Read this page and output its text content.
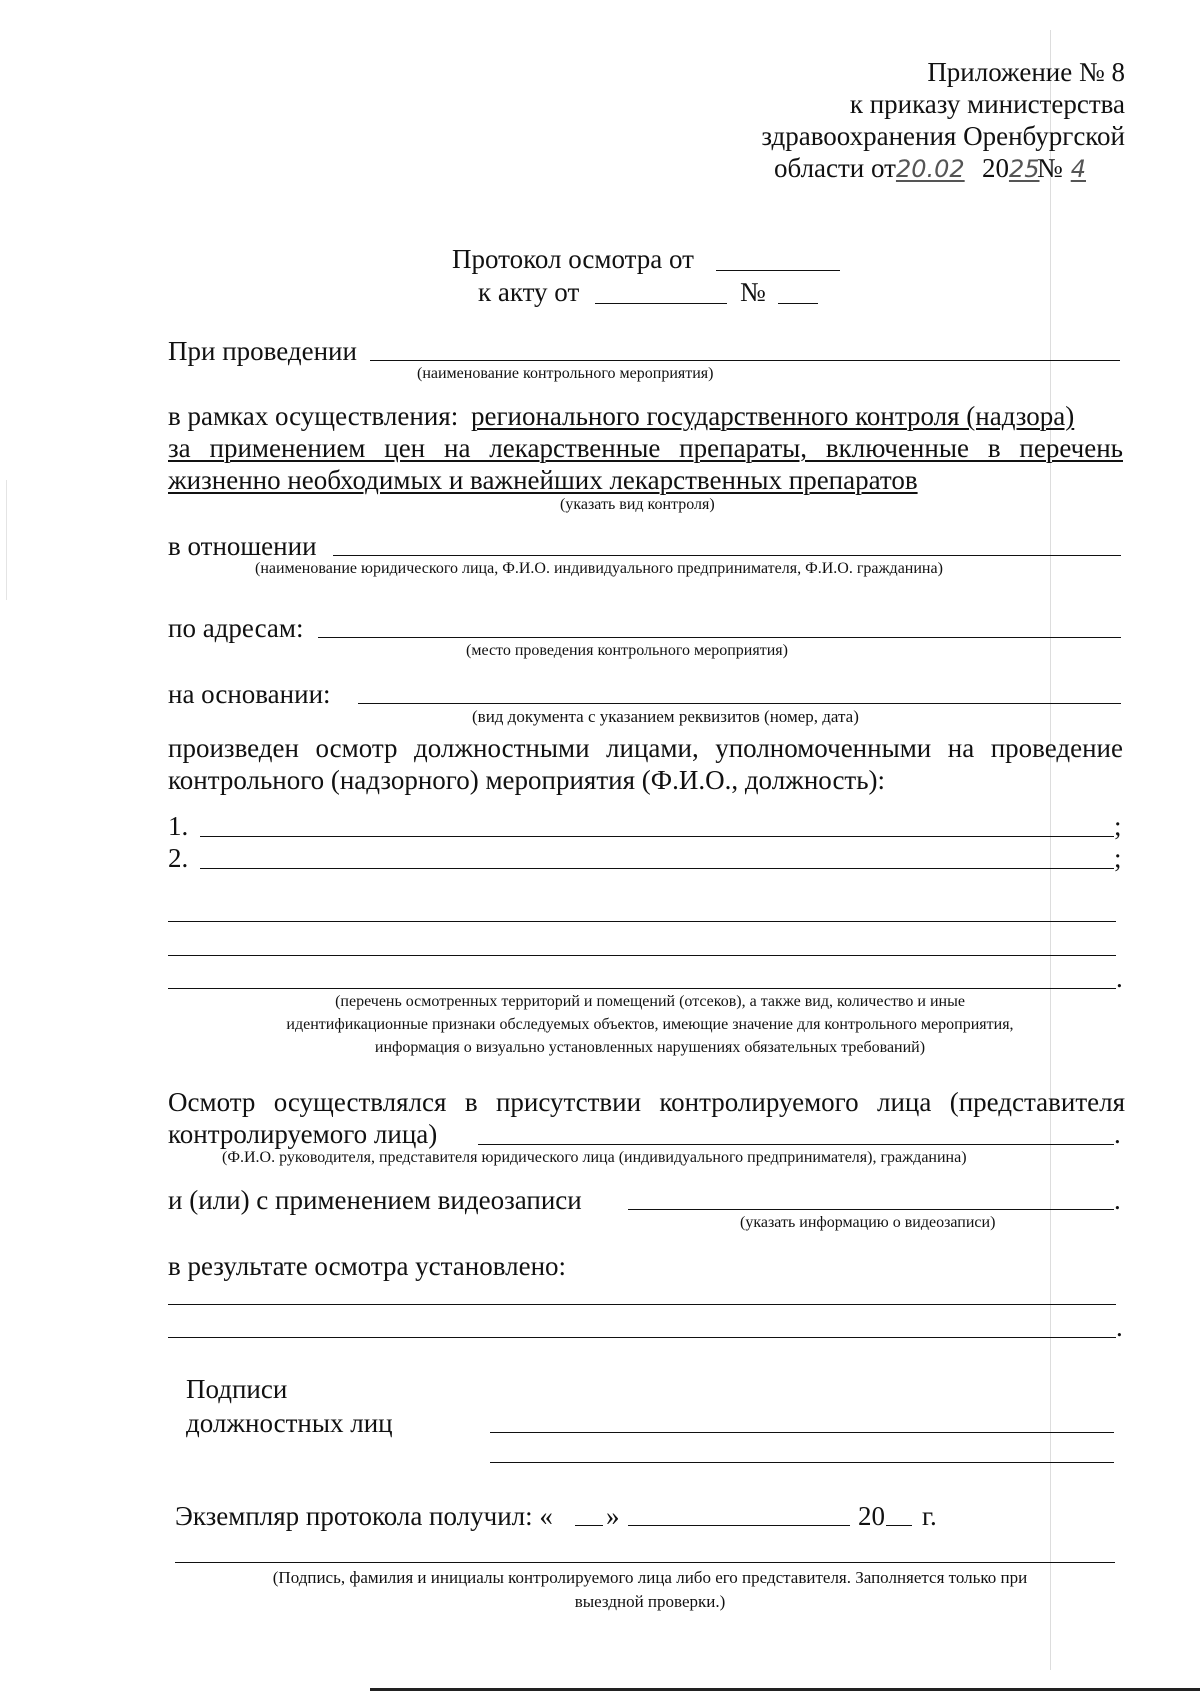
Приложение № 8
к приказу министерства
здравоохранения Оренбургской
области от20.02 2025№ 4
Протокол осмотра от
к акту от	№
При проведении
(наименование контрольного мероприятия)
в рамках осуществления: регионального государственного контроля (надзора)
за применением цен на лекарственные препараты, включенные в перечень
жизненно необходимых и важнейших лекарственных препаратов
(указать вид контроля)
в отношении
(наименование юридического лица, Ф.И.О. индивидуального предпринимателя, Ф.И.О. гражданина)
по адресам:
(место проведения контрольного мероприятия)
на основании:
(вид документа с указанием реквизитов (номер, дата)
произведен осмотр должностными лицами, уполномоченными на проведение
контрольного (надзорного) мероприятия (Ф.И.О., должность):
1.	;
2.	;
.
(перечень осмотренных территорий и помещений (отсеков), а также вид, количество и иные
идентификационные признаки обследуемых объектов, имеющие значение для контрольного мероприятия,
информация о визуально установленных нарушениях обязательных требований)
Осмотр осуществлялся в присутствии контролируемого лица (представителя
контролируемого лица)	.
(Ф.И.О. руководителя, представителя юридического лица (индивидуального предпринимателя), гражданина)
и (или) с применением видеозаписи	.
(указать информацию о видеозаписи)
в результате осмотра установлено:
.
Подписи
должностных лиц
Экземпляр протокола получил: « »	20 г.
(Подпись, фамилия и инициалы контролируемого лица либо его представителя. Заполняется только при
выездной проверки.)
